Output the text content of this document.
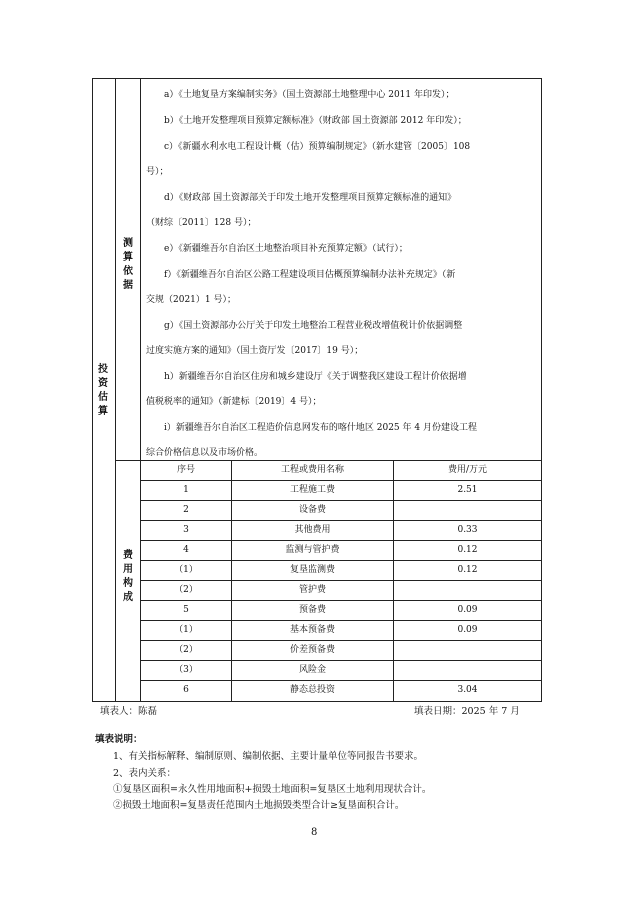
投资估算
测算依据
费用构成

a）《土地复垦方案编制实务》（国土资源部土地整理中心 2011 年印发）；

b）《土地开发整理项目预算定额标准》（财政部 国土资源部 2012 年印发）；

c）《新疆水利水电工程设计概（估）预算编制规定》（新水建管〔2005〕108

号）；

d）《财政部 国土资源部关于印发土地开发整理项目预算定额标准的通知》

（财综〔2011〕128 号）；

e）《新疆维吾尔自治区土地整治项目补充预算定额》（试行）；

f）《新疆维吾尔自治区公路工程建设项目估概预算编制办法补充规定》（新

交规（2021）1 号）；

g）《国土资源部办公厅关于印发土地整治工程营业税改增值税计价依据调整

过度实施方案的通知》（国土资厅发〔2017〕19 号）；

h）新疆维吾尔自治区住房和城乡建设厅《关于调整我区建设工程计价依据增

值税税率的通知》（新建标〔2019〕4 号）；

i）新疆维吾尔自治区工程造价信息网发布的喀什地区 2025 年 4 月份建设工程

综合价格信息以及市场价格。

序号	工程或费用名称	费用/万元
1	工程施工费	2.51
2	设备费
3	其他费用	0.33
4	监测与管护费	0.12
（1）	复垦监测费	0.12
（2）	管护费
5	预备费	0.09
（1）	基本预备费	0.09
（2）	价差预备费
（3）	风险金
6	静态总投资	3.04
填表人：陈磊	填表日期：2025 年 7 月
填表说明：
1、有关指标解释、编制原则、编制依据、主要计量单位等同报告书要求。
2、表内关系：
①复垦区面积=永久性用地面积+损毁土地面积=复垦区土地利用现状合计。
②损毁土地面积=复垦责任范围内土地损毁类型合计≥复垦面积合计。
8
